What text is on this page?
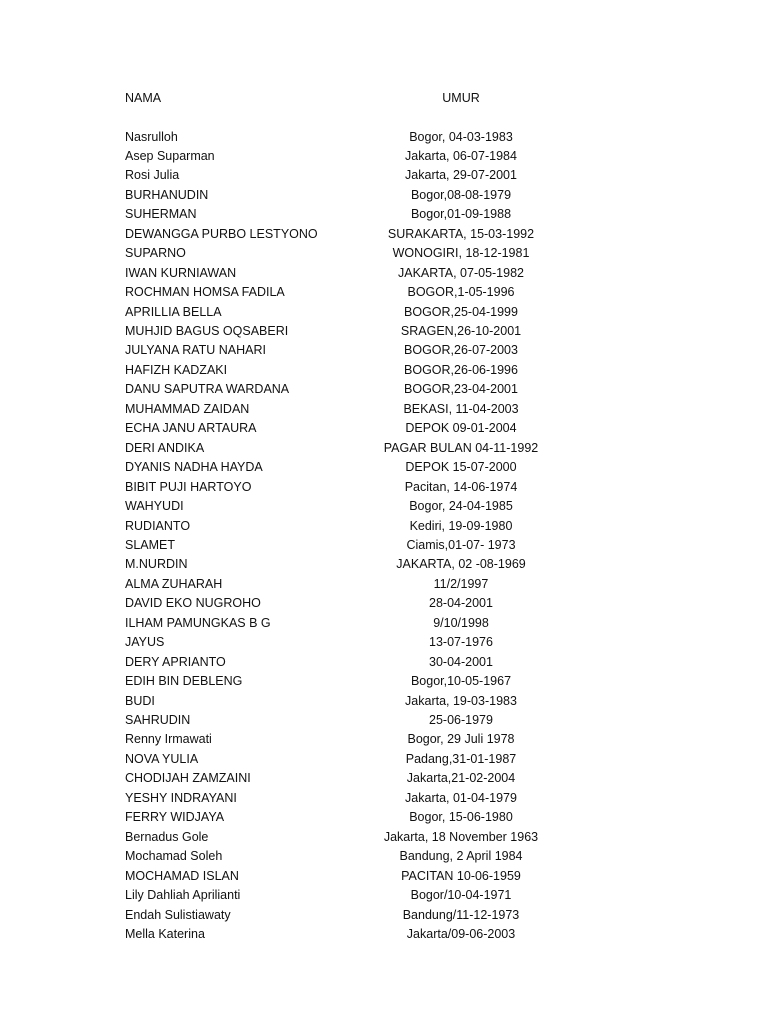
NAMA	UMUR
Nasrulloh	Bogor, 04-03-1983
Asep Suparman	Jakarta, 06-07-1984
Rosi Julia	Jakarta, 29-07-2001
BURHANUDIN	Bogor,08-08-1979
SUHERMAN	Bogor,01-09-1988
DEWANGGA PURBO LESTYONO	SURAKARTA, 15-03-1992
SUPARNO	WONOGIRI, 18-12-1981
IWAN KURNIAWAN	JAKARTA, 07-05-1982
ROCHMAN HOMSA FADILA	BOGOR,1-05-1996
APRILLIA BELLA	BOGOR,25-04-1999
MUHJID BAGUS OQSABERI	SRAGEN,26-10-2001
JULYANA RATU NAHARI	BOGOR,26-07-2003
HAFIZH KADZAKI	BOGOR,26-06-1996
DANU SAPUTRA WARDANA	BOGOR,23-04-2001
MUHAMMAD ZAIDAN	BEKASI, 11-04-2003
ECHA JANU ARTAURA	DEPOK 09-01-2004
DERI ANDIKA	PAGAR BULAN 04-11-1992
DYANIS NADHA HAYDA	DEPOK 15-07-2000
BIBIT PUJI HARTOYO	Pacitan, 14-06-1974
WAHYUDI	Bogor, 24-04-1985
RUDIANTO	Kediri, 19-09-1980
SLAMET	Ciamis,01-07- 1973
M.NURDIN	JAKARTA, 02 -08-1969
ALMA ZUHARAH	11/2/1997
DAVID EKO NUGROHO	28-04-2001
ILHAM PAMUNGKAS B G	9/10/1998
JAYUS	13-07-1976
DERY APRIANTO	30-04-2001
EDIH BIN DEBLENG	Bogor,10-05-1967
BUDI	Jakarta, 19-03-1983
SAHRUDIN	25-06-1979
Renny Irmawati	Bogor, 29 Juli 1978
NOVA YULIA	Padang,31-01-1987
CHODIJAH ZAMZAINI	Jakarta,21-02-2004
YESHY INDRAYANI	Jakarta, 01-04-1979
FERRY WIDJAYA	Bogor, 15-06-1980
Bernadus Gole	Jakarta, 18 November 1963
Mochamad Soleh	Bandung, 2 April 1984
MOCHAMAD ISLAN	PACITAN 10-06-1959
Lily Dahliah Aprilianti	Bogor/10-04-1971
Endah Sulistiawaty	Bandung/11-12-1973
Mella Katerina	Jakarta/09-06-2003
